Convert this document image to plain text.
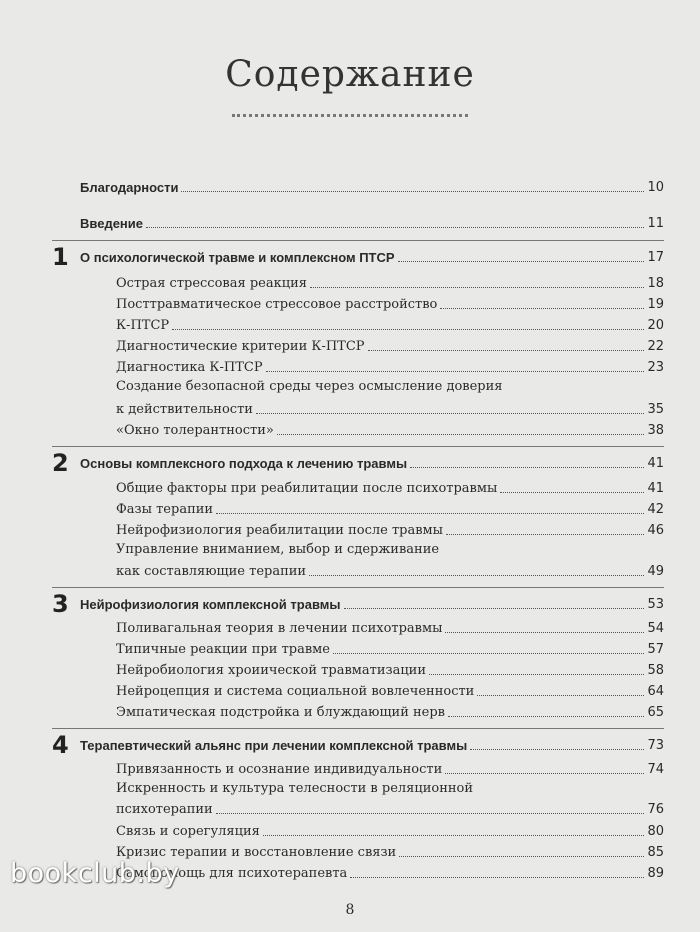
Содержание
Благодарности	10
Введение	11
1 О психологической травме и комплексном ПТСР	17
Острая стрессовая реакция	18
Посттравматическое стрессовое расстройство	19
К-ПТСР	20
Диагностические критерии К-ПТСР	22
Диагностика К-ПТСР	23
Создание безопасной среды через осмысление доверия
к действительности	35
«Окно толерантности»	38
2 Основы комплексного подхода к лечению травмы	41
Общие факторы при реабилитации после психотравмы	41
Фазы терапии	42
Нейрофизиология реабилитации после травмы	46
Управление вниманием, выбор и сдерживание
как составляющие терапии	49
3 Нейрофизиология комплексной травмы	53
Поливагальная теория в лечении психотравмы	54
Типичные реакции при травме	57
Нейробиология хроиической травматизации	58
Нейроцепция и система социальной вовлеченности	64
Эмпатическая подстройка и блуждающий нерв	65
4 Терапевтический альянс при лечении комплексной травмы	73
Привязанность и осознание индивидуальности	74
Искренность и культура телесности в реляционной
психотерапии	76
Связь и сорегуляция	80
Кризис терапии и восстановление связи	85
Самопомощь для психотерапевта	89
bookclub.by
8
